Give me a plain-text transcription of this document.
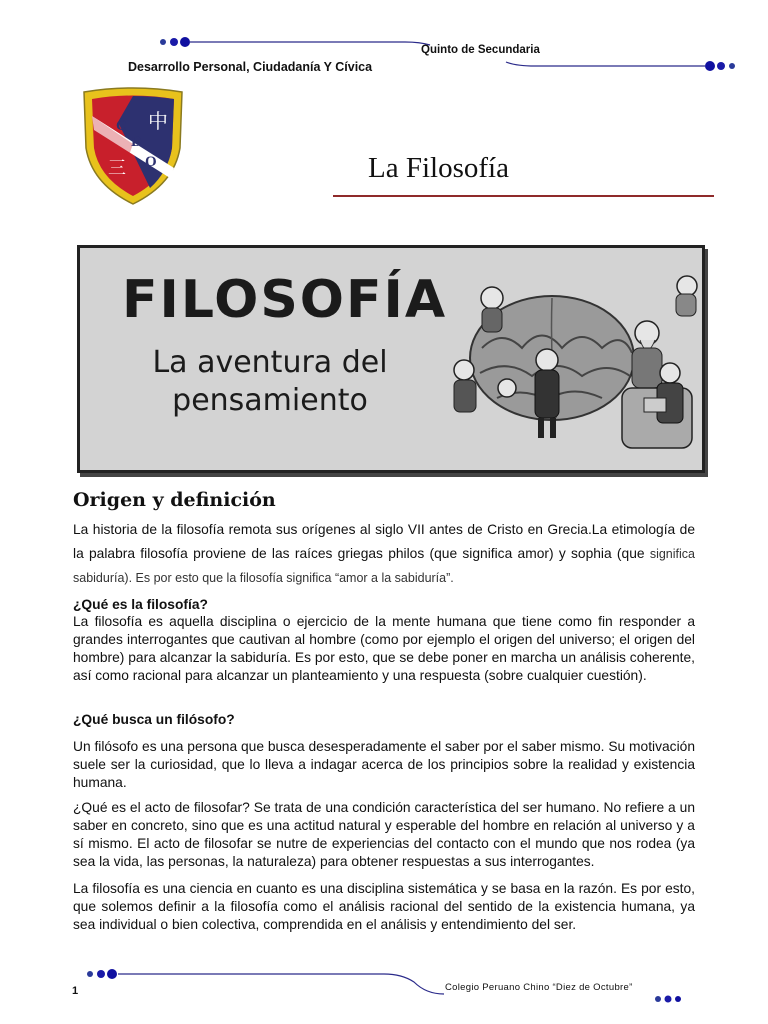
Quinto de Secundaria
Desarrollo Personal, Ciudadanía Y Cívica
C
D
O
中
三	La Filosofía
FILOSOFÍA
La aventura del
pensamiento
Origen y definición
La historia de la filosofía remota sus orígenes al siglo VII antes de Cristo en Grecia.La etimología de la palabra filosofía proviene de las raíces griegas philos (que significa amor) y sophia (que significa sabiduría). Es por esto que la filosofía significa “amor a la sabiduría”.
¿Qué es la filosofía?
La filosofía es aquella disciplina o ejercicio de la mente humana que tiene como fin responder a grandes interrogantes que cautivan al hombre (como por ejemplo el origen del universo; el origen del hombre) para alcanzar la sabiduría. Es por esto, que se debe poner en marcha un análisis coherente, así como racional para alcanzar un planteamiento y una respuesta (sobre cualquier cuestión).
¿Qué busca un filósofo?
Un filósofo es una persona que busca desesperadamente el saber por el saber mismo. Su motivación suele ser la curiosidad, que lo lleva a indagar acerca de los principios sobre la realidad y existencia humana.
¿Qué es el acto de filosofar? Se trata de una condición característica del ser humano. No refiere a un saber en concreto, sino que es una actitud natural y esperable del hombre en relación al universo y a sí mismo. El acto de filosofar se nutre de experiencias del contacto con el mundo que nos rodea (ya sea la vida, las personas, la naturaleza) para obtener respuestas a sus interrogantes.
La filosofía es una ciencia en cuanto es una disciplina sistemática y se basa en la razón. Es por esto, que solemos definir a la filosofía como el análisis racional del sentido de la existencia humana, ya sea individual o bien colectiva, comprendida en el análisis y entendimiento del ser.
1	Colegio Peruano Chino “Diez de Octubre”
